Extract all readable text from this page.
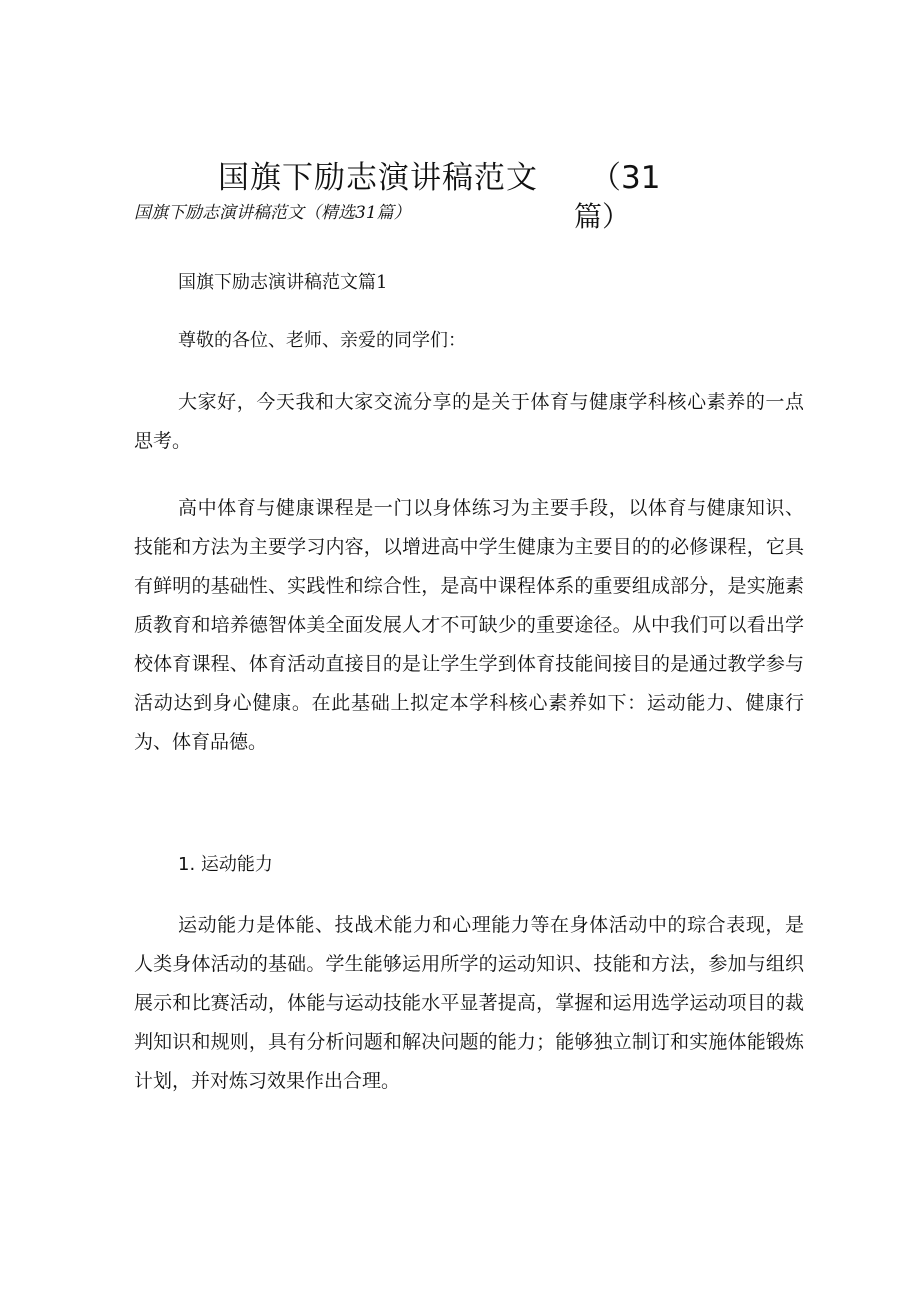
国旗下励志演讲稿范文 （31
篇）
国旗下励志演讲稿范文（精选31篇）
国旗下励志演讲稿范文篇1
尊敬的各位、老师、亲爱的同学们：
大家好，今天我和大家交流分享的是关于体育与健康学科核心素养的一点思考。
高中体育与健康课程是一门以身体练习为主要手段，以体育与健康知识、技能和方法为主要学习内容，以增进高中学生健康为主要目的的必修课程，它具有鲜明的基础性、实践性和综合性，是高中课程体系的重要组成部分，是实施素质教育和培养德智体美全面发展人才不可缺少的重要途径。从中我们可以看出学校体育课程、体育活动直接目的是让学生学到体育技能间接目的是通过教学参与活动达到身心健康。在此基础上拟定本学科核心素养如下：运动能力、健康行为、体育品德。
1. 运动能力
运动能力是体能、技战术能力和心理能力等在身体活动中的琮合表现，是人类身体活动的基础。学生能够运用所学的运动知识、技能和方法，参加与组织展示和比赛活动，体能与运动技能水平显著提高，掌握和运用选学运动项目的裁判知识和规则，具有分析问题和解决问题的能力；能够独立制订和实施体能锻炼计划，并对炼习效果作出合理。
